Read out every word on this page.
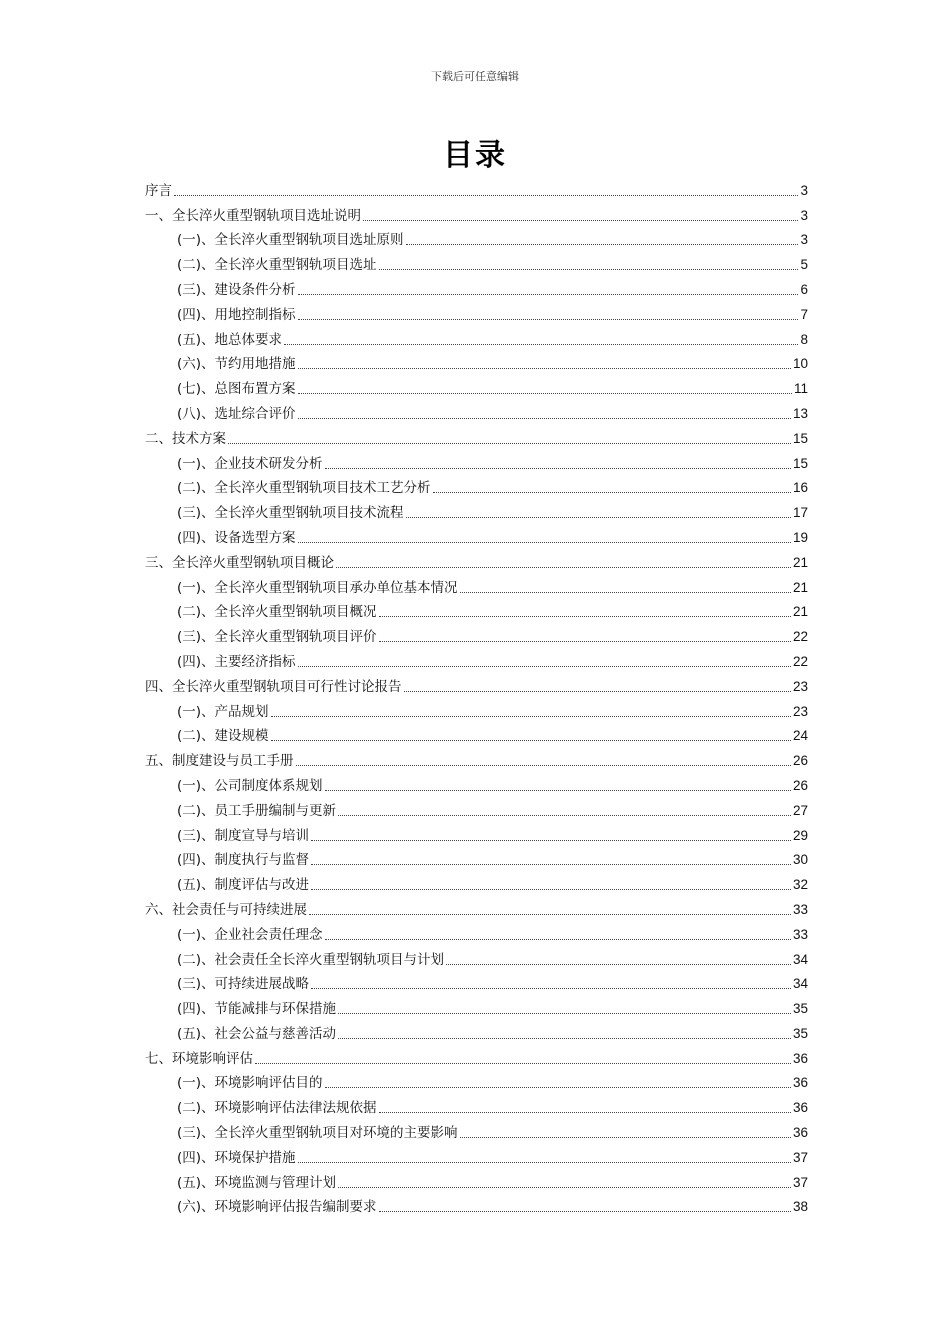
下载后可任意编辑
目录
序言	3
一、全长淬火重型钢轨项目选址说明	3
(一)、全长淬火重型钢轨项目选址原则	3
(二)、全长淬火重型钢轨项目选址	5
(三)、建设条件分析	6
(四)、用地控制指标	7
(五)、地总体要求	8
(六)、节约用地措施	10
(七)、总图布置方案	11
(八)、选址综合评价	13
二、技术方案	15
(一)、企业技术研发分析	15
(二)、全长淬火重型钢轨项目技术工艺分析	16
(三)、全长淬火重型钢轨项目技术流程	17
(四)、设备选型方案	19
三、全长淬火重型钢轨项目概论	21
(一)、全长淬火重型钢轨项目承办单位基本情况	21
(二)、全长淬火重型钢轨项目概况	21
(三)、全长淬火重型钢轨项目评价	22
(四)、主要经济指标	22
四、全长淬火重型钢轨项目可行性讨论报告	23
(一)、产品规划	23
(二)、建设规模	24
五、制度建设与员工手册	26
(一)、公司制度体系规划	26
(二)、员工手册编制与更新	27
(三)、制度宣导与培训	29
(四)、制度执行与监督	30
(五)、制度评估与改进	32
六、社会责任与可持续进展	33
(一)、企业社会责任理念	33
(二)、社会责任全长淬火重型钢轨项目与计划	34
(三)、可持续进展战略	34
(四)、节能减排与环保措施	35
(五)、社会公益与慈善活动	35
七、环境影响评估	36
(一)、环境影响评估目的	36
(二)、环境影响评估法律法规依据	36
(三)、全长淬火重型钢轨项目对环境的主要影响	36
(四)、环境保护措施	37
(五)、环境监测与管理计划	37
(六)、环境影响评估报告编制要求	38
